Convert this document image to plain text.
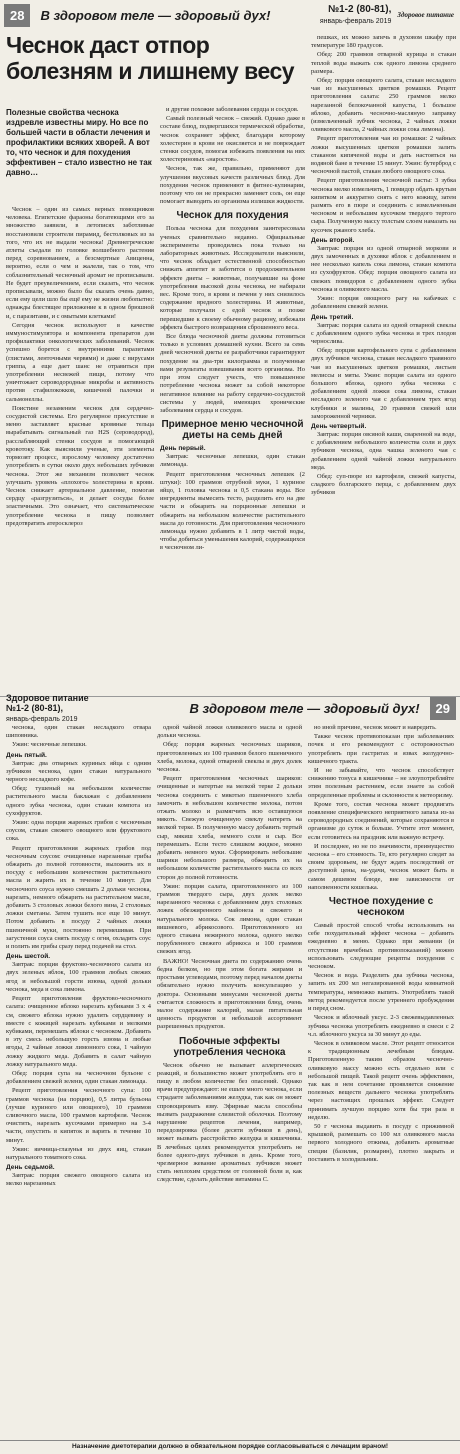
28	В здоровом теле — здоровый дух!	№1-2 (80-81),
январь-февраль 2019
Здоровое питание
Чеснок даст отпор болезням и лишнему весу
Полезные свойства чеснока издревле известны миру. Но все по большей части в области лечения и профилактики всяких хворей. А вот то, что чеснок и для похудения эффективен – стало известно не так давно…

Чеснок – один из самых верных помощников человека. Египетские фараоны богатеющими его за множество заявили, в летописях заботливые восстановили строители пирамид, бестолковых из за того, что их не выдали чеснока! Древнегреческие атлеты съедали по головке волшебного растения перед соревнованием, а безсмертные Авиценна, вероятно, если о чем и жалели, так о том, что соблазнительный чесночный аромат не прописывали. Не будет преувеличением, если сказать, что чеснок прописывали, можно было бы сказать очень давно, если ему цели шло бы ещё ему не жизни любопытно: однажды блестящее приложение к в одном брюшной и, с паразитами, и с омытыми клетками!

Сегодня чеснок используют в качестве иммуностимулятора и компонента препаратов для профилактики онкологических заболеваний. Чеснок успешно борется с внутренними паразитами (глистами, ленточными червями) и даже с вирусами гриппа, а еще дает шанс не отравиться при употреблении несвежей пищи, потому что уничтожает сероводородные микробы и активность против стафилококков, кишечной палочки и сальмонеллы.

Поистине незаменим чеснок для сердечно-сосудистой системы. Его регулярное присутствие в меню заставляет красные кровяные тельца вырабатывать сигнальный газ H2S (сероводород), расслабляющий стенки сосудов и помогающий кровотоку. Как выяснили ученые, эти элементы тормозят процесс, взрослому человеку достаточно употреблять в сутки около двух небольших зубчиков чеснока. Этот же механизм позволяет чеснок улучшать уровень «плохого» холестерина в крови. Чеснок снижает артериальное давление, помогая сердцу «разгрузиться», и делает сосуды более эластичными. Это означает, что систематическое употребление чеснока в пищу позволяет предотвратить атеросклероз

и другие похожие заболевания сердца и сосудов.

Самый полезный чеснок – свежий. Однако даже в составе блюд, подвергшихся термической обработке, чеснок сохраняет эффект, благодаря которому холестерин в крови не окисляется и не повреждает стенки сосудов, помогая избежать появления на них холестериновых «наростов».

Чеснок, так же, правильно, применяют для улучшения вкусовых качеств различных блюд. Для похудения чеснок применяют в фитнес-кулинарии, поэтому что он не прекрасно заменяет соль, он еще помогает выводить из организма излишки жидкости.

Чеснок для похудения

Польза чеснока для похудения заинтересовала ученых сравнительно недавно. Официальные эксперименты проводились пока только на лабораторных животных. Исследователи выяснили, что чеснок обладает естественной способностью снижать аппетит и заботится о продолжительном эффекте диеты – животные, получавшие на фоне употребления высокой дозы чеснока, не набирали вес. Кроме того, в крови и печени у них снизилось содержание вредного холестерина. И животные, которые получали с едой чеснок и позже перешедшие к своему обычному рациону, избежали эффекта быстрого возвращения сброшенного веса.

Все блюда чесночной диеты должны готовиться только в условиях домашней кухни. Всего за семь дней чесночной диеты ее разработчики гарантируют похудение на два-три килограмма и полученные вами результаты взвешивания всего организма. Но при этом следует учесть, что повышенное потребление чеснока может за собой некоторое негативное влияние на работу сердечно-сосудистой системы у людей, имеющих хронические заболевания сердца и сосудов.

Примерное меню чесночной диеты на семь дней
День первый.

Завтрак: чесночные лепешки, один стакан лимонада.

Рецепт приготовления чесночных лепешек (2 штуки): 100 граммов отрубной муки, 1 куриное яйцо, 1 головка чеснока и 0,5 стакана воды. Все ингредиенты вымесить тесто, разделить его на две части и обжарить на порционные лепешки и обжарить на небольшом количестве растительного масла до готовности. Для приготовления чесночного лимонада нужно добавить в 1 литр чистой воды, чтобы добиться уменьшения калорий, содержащихся в чесночном ли-

пешках, их можно запечь в духовом шкафу при температуре 180 градусов.

Обед: 200 граммов отварной курицы в стакан теплой воды выжать сок одного лимона среднего размера.

Обед: порция овощного салата, стакан несладкого чая из высушенных цветков ромашки. Рецепт приготовления салата: 250 граммов мелко нарезанной белокочанной капусты, 1 большое яблоко, добавить чесночно-масляную заправку (измельченный зубчик чеснока, 2 чайных ложки оливкового масла, 2 чайных ложки сока лимона).

Рецепт приготовления чая из ромашки: 2 чайных ложки высушенных цветков ромашки залить стаканом кипяченой воды и дать настояться на водяной бане в течение 15 минут. Ужин: бутерброд с чесночной пастой, стакан любого овощного сока.

Рецепт приготовления чесночной пасты: 3 зубка чеснока мелко измельчить, 1 помидор обдать крутым кипятком и аккуратно снять с него кожицу, затем размять его в пюре и соединить с измельченным чесноком и небольшим кусочком твердого тертого сыра. Полученную массу толстым слоем намазать на кусочек ржаного хлеба.

День второй.

Завтрак: порция из одной отварной моркови и двух замоченных в духовке яблок с добавлением в нее несколько капель сока лимона, стакан компота из сухофруктов. Обед: порция овощного салата из свежих помидоров с добавлением одного зубка чеснока и оливкового масла.

Ужин: порция овощного рагу на кабачках с добавлением свежей зелени.

День третий.

Завтрак: порция салата из одной отварной свеклы с добавлением одного зубка чеснока и трех плодов чернослива.

Обед: порция картофельного супа с добавлением двух зубчиков чеснока, стакан несладкого травяного чая из высушенных цветков ромашки, листьев мелиссы и мяты. Ужин: порция салата из одного большого яблока, одного зубка чеснока с добавлением одной ложки сока лимона, стакан несладкого зеленого чая с добавлением трех ягод клубники и малины, 20 граммов свежей или замороженной черники.

День четвертый.

Завтрак: порция овсяной каши, сваренной на воде, с добавлением небольшого количества соли и двух зубчиков чеснока, одна чашка зеленого чая с добавлением одной чайной ложки натурального меда.

Обед: суп-пюре из картофеля, свежей капусты, сладкого болгарского перца, с добавлением двух зубчиков

Здоровое питание
№1-2 (80-81),
январь-февраль 2019
В здоровом теле — здоровый дух!	29

чеснока, один стакан несладкого отвара шиповника.

Ужин: чесночные лепешки.

День пятый.

Завтрак: два отварных куриных яйца с одним зубчиком чеснока, один стакан натурального черного несладкого кофе.

Обед: тушеный на небольшом количестве растительного масла баклажан с добавлением одного зубка чеснока, один стакан компота из сухофруктов.

Ужин: одна порция жареных грибов с чесночным соусом, стакан свежего овощного или фруктового сока.

Рецепт приготовления жареных грибов под чесночным соусом: очищенные нарезанные грибы обжарить до полной готовности, выложить их в посуду с небольшим количеством растительного масла и жарить их в течение 10 минут. Для чесночного соуса нужно смешать 2 дольки чеснока, нарезать, немного обжарить на растительном масле, добавить 3 столовых ложки белого вина, 2 столовых ложки сметаны. Затем тушить все еще 10 минут. Потом добавить в посуду 2 чайных ложки пшеничной муки, постоянно перемешивая. При загустении соуса снять посуду с огня, охладить соус и полить им грибы сразу перед подачей на стол.

День шестой.

Завтрак: порция фруктово-чесночного салата из двух зеленых яблок, 100 граммов любых свежих ягод и небольшой горсти изюма, одной дольки чеснока, меда и сока лимона.

Рецепт приготовления фруктово-чесночного салата: очищенное яблоко нарезать кубиками 3 х 4 см, свежего яблока нужно удалить сердцевину и вместе с кожицей нарезать кубиками и мелкими кубиками, перемешать яблоки с чесноком. Добавить в эту смесь небольшую горсть изюма и любые ягоды, 2 чайные ложки лимонного сока, 1 чайную ложку жидкого меда. Добавить в салат чайную ложку натурального меда.

Обед: порция супа на чесночном бульоне с добавлением свежей зелени, один стакан лимонада.

Рецепт приготовления чесночного супа: 100 граммов чеснока (на порцию), 0,5 литра бульона (лучше куриного или овощного), 10 граммов сливочного масла, 100 граммов картофеля. Чеснок очистить, нарезать кусочками примерно на 3-4 части, опустить в кипяток и варить в течение 10 минут.

Ужин: яичница-глазунья из двух яиц, стакан натурального томатного сока.

День седьмой.

Завтрак: порция свежего овощного салата из мелко нарезанных

одной чайной ложки оливкового масла и одной дольки чеснока.

Обед: порция жареных чесночных шариков, приготовленных из 100 граммов белого пшеничного хлеба, молока, одной отварной свеклы и двух долек чеснока.

Рецепт приготовления чесночных шариков: очищенные и натертые на мелкой терке 2 дольки чеснока соединить с мякотью пшеничного хлеба замочить в небольшом количестве молока, потом отжать молоко и размягчить всю оставшуюся мякоть. Свежую очищенную свеклу натереть на мелкой терке. В полученную массу добавить тертый сыр, мякиш хлеба, немного соли и сыр. Все перемешать. Если тесто слишком жидкое, можно добавить немного муки. Сформировать небольшие шарики небольшого размера, обжарить их на небольшом количестве растительного масла со всех сторон до полной готовности.

Ужин: порция салата, приготовленного из 100 граммов твердого сыра, двух долек мелко нарезанного чеснока с добавлением двух столовых ложек обезжиренного майонеза и свежего и натурального молока. Сок лимона, один стакан вишневого, абрикосового. Приготовленного из одного стакана нежирного молока, одного мелко порубленного свежего абрикоса и 100 граммов свежих ягод.

ВАЖНО! Чесночная диета по содержанию очень бедна белком, но при этом богата жирами и простыми углеводами, поэтому перед началом диеты обязательно нужно получить консультацию у доктора. Основными минусами чесночной диеты считается сложность в приготовлении блюд, очень малое содержание калорий, малая питательная ценность продуктов и небольшой ассортимент разрешенных продуктов.

Побочные эффекты употребления чеснока

Чеснок обычно не вызывает аллергических реакций, и большинство может употреблять его в пищу в любом количестве без опасений. Однако врачи предупреждают: не ешьте много чеснока, если страдаете заболеваниями желудка, так как он может спровоцировать язву. Эфирные масла способны вызвать раздражение слизистой оболочки. Поэтому нарушение рецептов лечения, например, передозировка (более десяти зубчиков в день), может вызвать расстройство желудка и кишечника. В лечебных целях рекомендуется употреблять не более одного-двух зубчиков в день. Кроме того, чрезмерное жевание ароматных зубчиков может стать неплохим средством от головной боли и, как следствие, сделать действие витамина С.

но иной причине, чеснок может и навредить.

Также чеснок противопоказан при заболеваниях почек и его рекомендуют с осторожностью употреблять при гастритах и язвах желудочно-кишечного тракта.

И не забывайте, что чеснок способствует снижению тонуса в кишечнике – не злоупотребляйте этим полезным растением, если знаете за собой определенные проблемы и склонности к метеоризму.

Кроме того, состав чеснока может продвигать появление специфического неприятного запаха из-за сероводородных соединений, которые сохраняются в организме до суток и больше. Учтите этот момент, если готовитесь на праздник или важную встречу.

И последнее, но не по значимости, преимущество чеснока – его стоимость. Те, кто регулярно следят за своим здоровьем, не будут ждать последствий от доступной цены, на-удачи, чеснок может быть в самом дешевом блюде, вне зависимости от наполненности кошелька.

Честное похудение с чесноком

Самый простой способ чтобы использовать на себе похудательный эффект чеснока – добавить ежедневно в меню. Однако при жевании (и отсутствии врачебных противопоказаний) можно использовать следующие рецепты похудения с чесноком.

Чеснок и вода. Разделить два зубчика чеснока, запить их 200 мл негазированной воды комнатной температуры, немножко выпить. Употреблять такой метод рекомендуется после утреннего пробуждения и перед сном.

Чеснок и яблочный уксус. 2-3 свежевыдавленных зубчика чеснока употреблять ежедневно в смеси с 2 ч.л. яблочного уксуса за 30 минут до еды.

Чеснок в оливковом масле. Этот рецепт относится к традиционным лечебным блюдам. Приготовленную таким образом чесночно-оливковую массу можно есть отдельно или с небольшой пищей. Такой рецепт очень эффективен, так как в нем сочетание проявляется снижение полезных веществ дальнего чеснока употреблять через настоящих прошлых эффект. Следует принимать лучшую порцию хотя бы три раза в неделю.

50 г чеснока выдавить в посуду с прижимной крышкой, размешать со 100 мл оливкового масла первого холодного отжима, добавить ароматные специи (базилик, розмарин), плотно закрыть и поставить в холодильник.

Назначение диетотерапии должно в обязательном порядке согласовываться с лечащим врачом!
